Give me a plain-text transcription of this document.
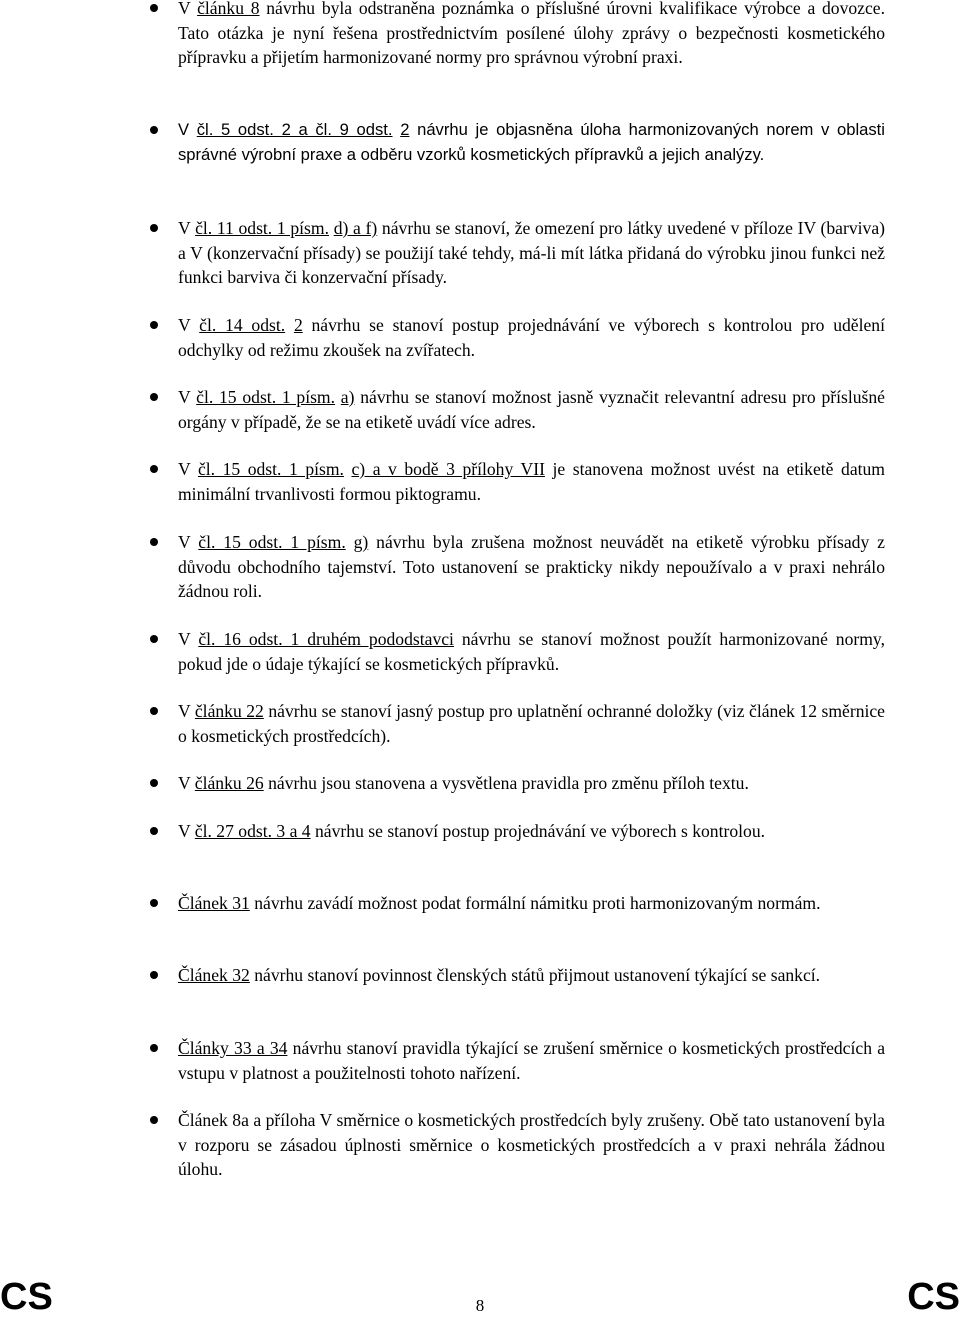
V článku 8 návrhu byla odstraněna poznámka o příslušné úrovni kvalifikace výrobce a dovozce. Tato otázka je nyní řešena prostřednictvím posílené úlohy zprávy o bezpečnosti kosmetického přípravku a přijetím harmonizované normy pro správnou výrobní praxi.

V čl. 5 odst. 2 a čl. 9 odst. 2 návrhu je objasněna úloha harmonizovaných norem v oblasti správné výrobní praxe a odběru vzorků kosmetických přípravků a jejich analýzy.

V čl. 11 odst. 1 písm. d) a f) návrhu se stanoví, že omezení pro látky uvedené v příloze IV (barviva) a V (konzervační přísady) se použijí také tehdy, má-li mít látka přidaná do výrobku jinou funkci než funkci barviva či konzervační přísady.

V čl. 14 odst. 2 návrhu se stanoví postup projednávání ve výborech s kontrolou pro udělení odchylky od režimu zkoušek na zvířatech.

V čl. 15 odst. 1 písm. a) návrhu se stanoví možnost jasně vyznačit relevantní adresu pro příslušné orgány v případě, že se na etiketě uvádí více adres.

V čl. 15 odst. 1 písm. c) a v bodě 3 přílohy VII je stanovena možnost uvést na etiketě datum minimální trvanlivosti formou piktogramu.

V čl. 15 odst. 1 písm. g) návrhu byla zrušena možnost neuvádět na etiketě výrobku přísady z důvodu obchodního tajemství. Toto ustanovení se prakticky nikdy nepoužívalo a v praxi nehrálo žádnou roli.

V čl. 16 odst. 1 druhém pododstavci návrhu se stanoví možnost použít harmonizované normy, pokud jde o údaje týkající se kosmetických přípravků.

V článku 22 návrhu se stanoví jasný postup pro uplatnění ochranné doložky (viz článek 12 směrnice o kosmetických prostředcích).

V článku 26 návrhu jsou stanovena a vysvětlena pravidla pro změnu příloh textu.

V čl. 27 odst. 3 a 4 návrhu se stanoví postup projednávání ve výborech s kontrolou.

Článek 31 návrhu zavádí možnost podat formální námitku proti harmonizovaným normám.

Článek 32 návrhu stanoví povinnost členských států přijmout ustanovení týkající se sankcí.

Články 33 a 34 návrhu stanoví pravidla týkající se zrušení směrnice o kosmetických prostředcích a vstupu v platnost a použitelnosti tohoto nařízení.

Článek 8a a příloha V směrnice o kosmetických prostředcích byly zrušeny. Obě tato ustanovení byla v rozporu se zásadou úplnosti směrnice o kosmetických prostředcích a v praxi nehrála žádnou úlohu.

CS	8	CS
